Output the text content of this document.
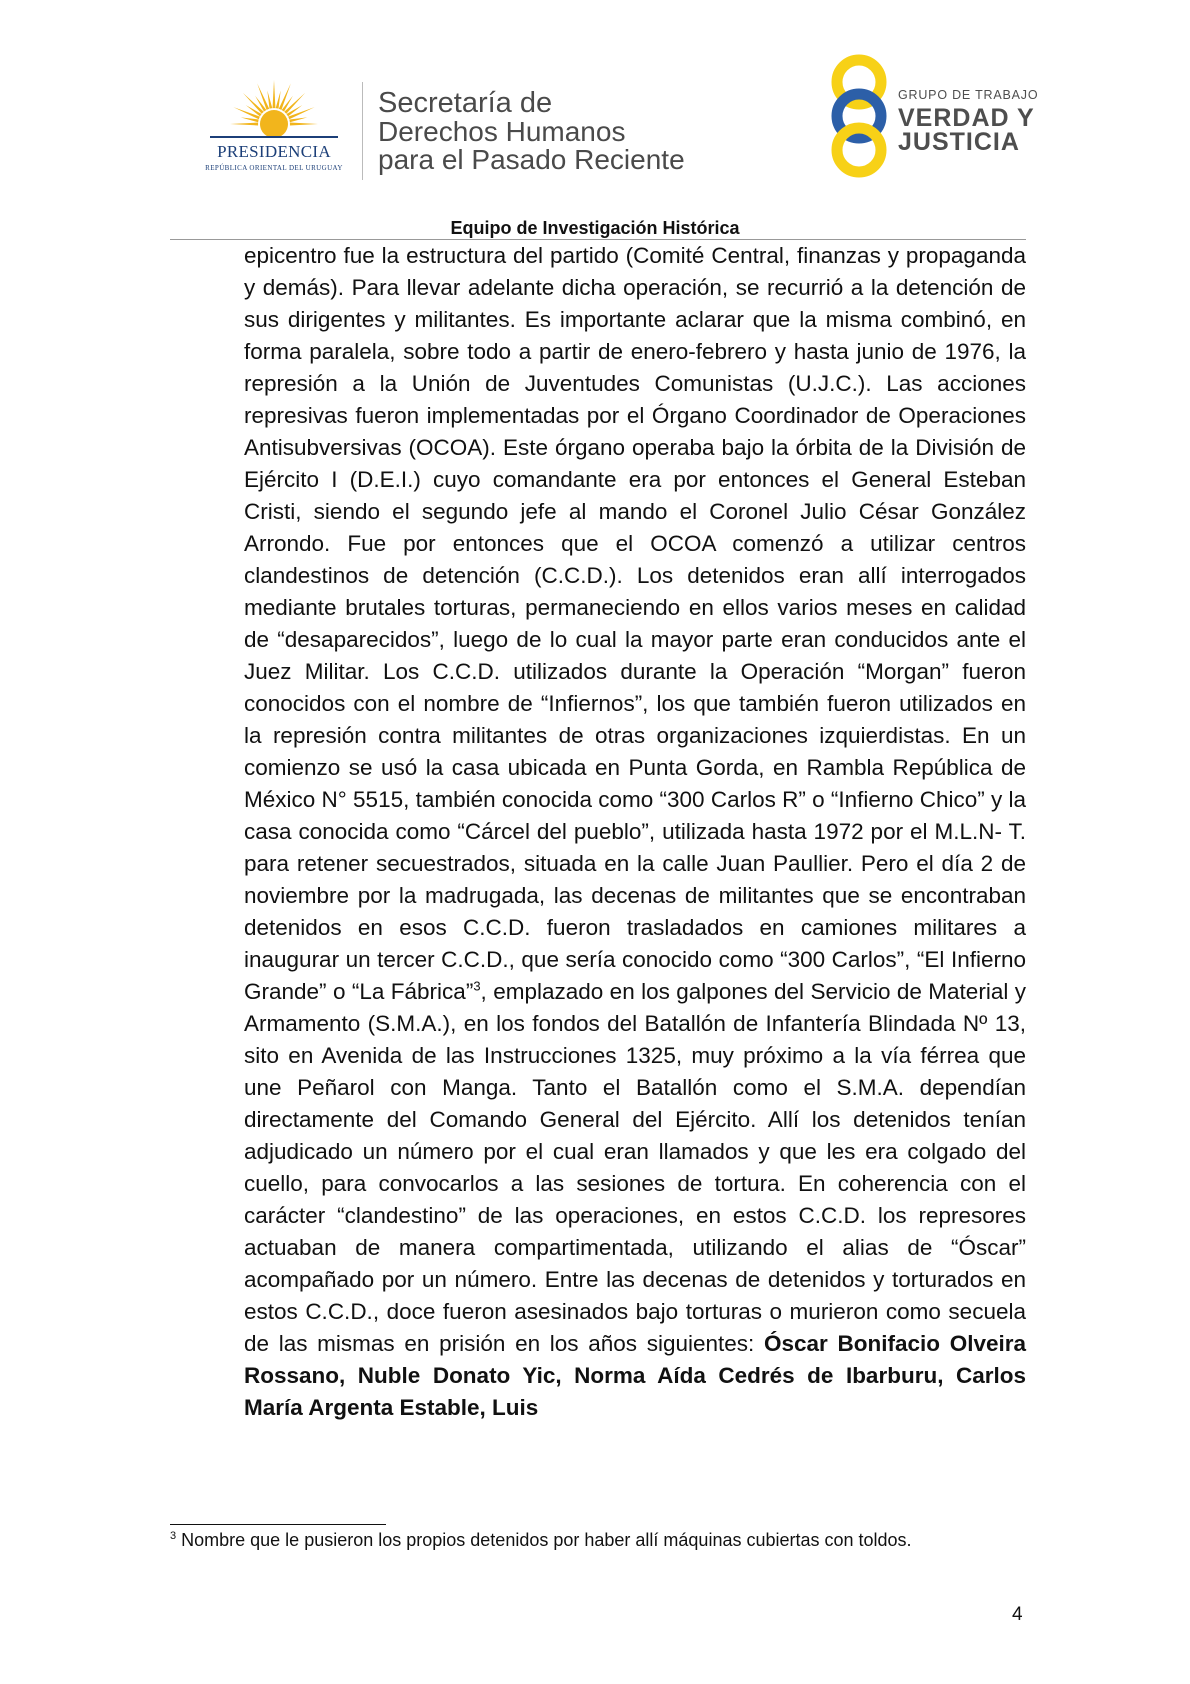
PRESIDENCIA
REPÚBLICA ORIENTAL DEL URUGUAY
Secretaría de
Derechos Humanos
para el Pasado Reciente
GRUPO DE TRABAJO
VERDAD Y
JUSTICIA
Equipo de Investigación Histórica

epicentro fue la estructura del partido (Comité Central, finanzas y propaganda y demás). Para llevar adelante dicha operación, se recurrió a la detención de sus dirigentes y militantes. Es importante aclarar que la misma combinó, en forma paralela, sobre todo a partir de enero-febrero y hasta junio de 1976, la represión a la Unión de Juventudes Comunistas (U.J.C.). Las acciones represivas fueron implementadas por el Órgano Coordinador de Operaciones Antisubversivas (OCOA). Este órgano operaba bajo la órbita de la División de Ejército I (D.E.I.) cuyo comandante era por entonces el General Esteban Cristi, siendo el segundo jefe al mando el Coronel Julio César González Arrondo. Fue por entonces que el OCOA comenzó a utilizar centros clandestinos de detención (C.C.D.). Los detenidos eran allí interrogados mediante brutales torturas, permaneciendo en ellos varios meses en calidad de “desaparecidos”, luego de lo cual la mayor parte eran conducidos ante el Juez Militar. Los C.C.D. utilizados durante la Operación “Morgan” fueron conocidos con el nombre de “Infiernos”, los que también fueron utilizados en la represión contra militantes de otras organizaciones izquierdistas. En un comienzo se usó la casa ubicada en Punta Gorda, en Rambla República de México N° 5515, también conocida como “300 Carlos R” o “Infierno Chico” y la casa conocida como “Cárcel del pueblo”, utilizada hasta 1972 por el M.L.N- T. para retener secuestrados, situada en la calle Juan Paullier. Pero el día 2 de noviembre por la madrugada, las decenas de militantes que se encontraban detenidos en esos C.C.D. fueron trasladados en camiones militares a inaugurar un tercer C.C.D., que sería conocido como “300 Carlos”, “El Infierno Grande” o “La Fábrica”$^3$, emplazado en los galpones del Servicio de Material y Armamento (S.M.A.), en los fondos del Batallón de Infantería Blindada Nº 13, sito en Avenida de las Instrucciones 1325, muy próximo a la vía férrea que une Peñarol con Manga. Tanto el Batallón como el S.M.A. dependían directamente del Comando General del Ejército. Allí los detenidos tenían adjudicado un número por el cual eran llamados y que les era colgado del cuello, para convocarlos a las sesiones de tortura. En coherencia con el carácter “clandestino” de las operaciones, en estos C.C.D. los represores actuaban de manera compartimentada, utilizando el alias de “Óscar” acompañado por un número. Entre las decenas de detenidos y torturados en estos C.C.D., doce fueron asesinados bajo torturas o murieron como secuela de las mismas en prisión en los años siguientes: Óscar Bonifacio Olveira Rossano, Nuble Donato Yic, Norma Aída Cedrés de Ibarburu, Carlos María Argenta Estable, Luis

$^3$ Nombre que le pusieron los propios detenidos por haber allí máquinas cubiertas con toldos.
4
